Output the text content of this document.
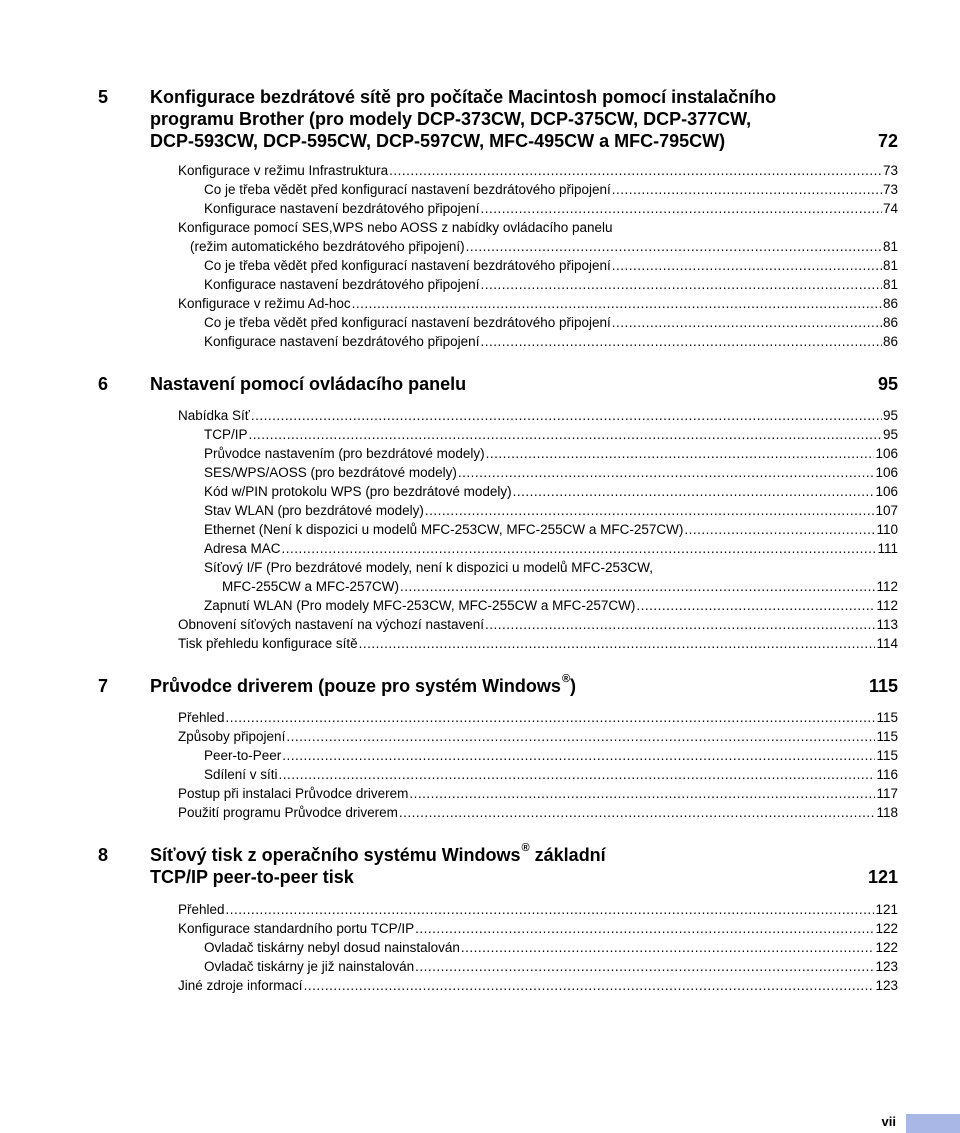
5 Konfigurace bezdrátové sítě pro počítače Macintosh pomocí instalačního
programu Brother (pro modely DCP-373CW, DCP-375CW, DCP-377CW,
DCP-593CW, DCP-595CW, DCP-597CW, MFC-495CW a MFC-795CW)	72
Konfigurace v režimu Infrastruktura .....	73
Co je třeba vědět před konfigurací nastavení bezdrátového připojení .....	73
Konfigurace nastavení bezdrátového připojení .....	74
Konfigurace pomocí SES,WPS nebo AOSS z nabídky ovládacího panelu
(režim automatického bezdrátového připojení) .....	81
Co je třeba vědět před konfigurací nastavení bezdrátového připojení .....	81
Konfigurace nastavení bezdrátového připojení .....	81
Konfigurace v režimu Ad-hoc .....	86
Co je třeba vědět před konfigurací nastavení bezdrátového připojení .....	86
Konfigurace nastavení bezdrátového připojení .....	86
6 Nastavení pomocí ovládacího panelu	95
Nabídka Síť .....	95
TCP/IP .....	95
Průvodce nastavením (pro bezdrátové modely) .....	106
SES/WPS/AOSS (pro bezdrátové modely) .....	106
Kód w/PIN protokolu WPS (pro bezdrátové modely) .....	106
Stav WLAN (pro bezdrátové modely) .....	107
Ethernet (Není k dispozici u modelů MFC-253CW, MFC-255CW a MFC-257CW) .....	110
Adresa MAC .....	111
Síťový I/F (Pro bezdrátové modely, není k dispozici u modelů MFC-253CW,
MFC-255CW a MFC-257CW) .....	112
Zapnutí WLAN (Pro modely MFC-253CW, MFC-255CW a MFC-257CW) .....	112
Obnovení síťových nastavení na výchozí nastavení .....	113
Tisk přehledu konfigurace sítě .....	114
7 Průvodce driverem (pouze pro systém Windows®)	115
Přehled .....	115
Způsoby připojení .....	115
Peer-to-Peer .....	115
Sdílení v síti .....	116
Postup při instalaci Průvodce driverem .....	117
Použití programu Průvodce driverem .....	118
8 Síťový tisk z operačního systému Windows® základní
TCP/IP peer-to-peer tisk	121
Přehled .....	121
Konfigurace standardního portu TCP/IP .....	122
Ovladač tiskárny nebyl dosud nainstalován .....	122
Ovladač tiskárny je již nainstalován .....	123
Jiné zdroje informací .....	123
vii
